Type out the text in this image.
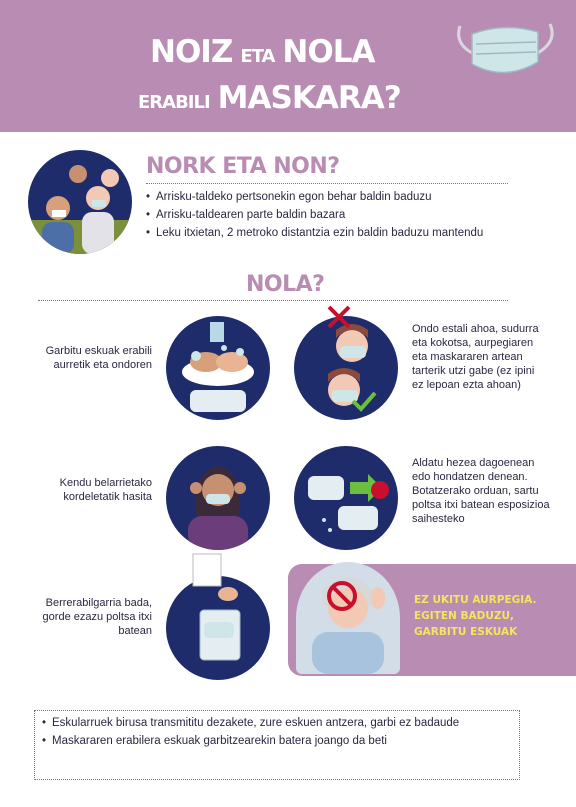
NOIZ ETA NOLA
ERABILI MASKARA?
NORK ETA NON?
• Arrisku-taldeko pertsonekin egon behar baldin baduzu
• Arrisku-taldearen parte baldin bazara
• Leku itxietan, 2 metroko distantzia ezin baldin baduzu mantendu
NOLA?
Garbitu eskuak erabili aurretik eta ondoren
Ondo estali ahoa, sudurra eta kokotsa, aurpegiaren eta maskararen artean tarterik utzi gabe (ez ipini ez lepoan ezta ahoan)
Kendu belarrietako kordeletatik hasita
Aldatu hezea dagoenean edo hondatzen denean. Botatzerako orduan, sartu poltsa itxi batean esposizioa saihesteko
Berrerabilgarria bada, gorde ezazu poltsa itxi batean
EZ UKITU AURPEGIA. EGITEN BADUZU, GARBITU ESKUAK
• Eskularruek birusa transmititu dezakete, zure eskuen antzera, garbi ez badaude
• Maskararen erabilera eskuak garbitzearekin batera joango da beti
